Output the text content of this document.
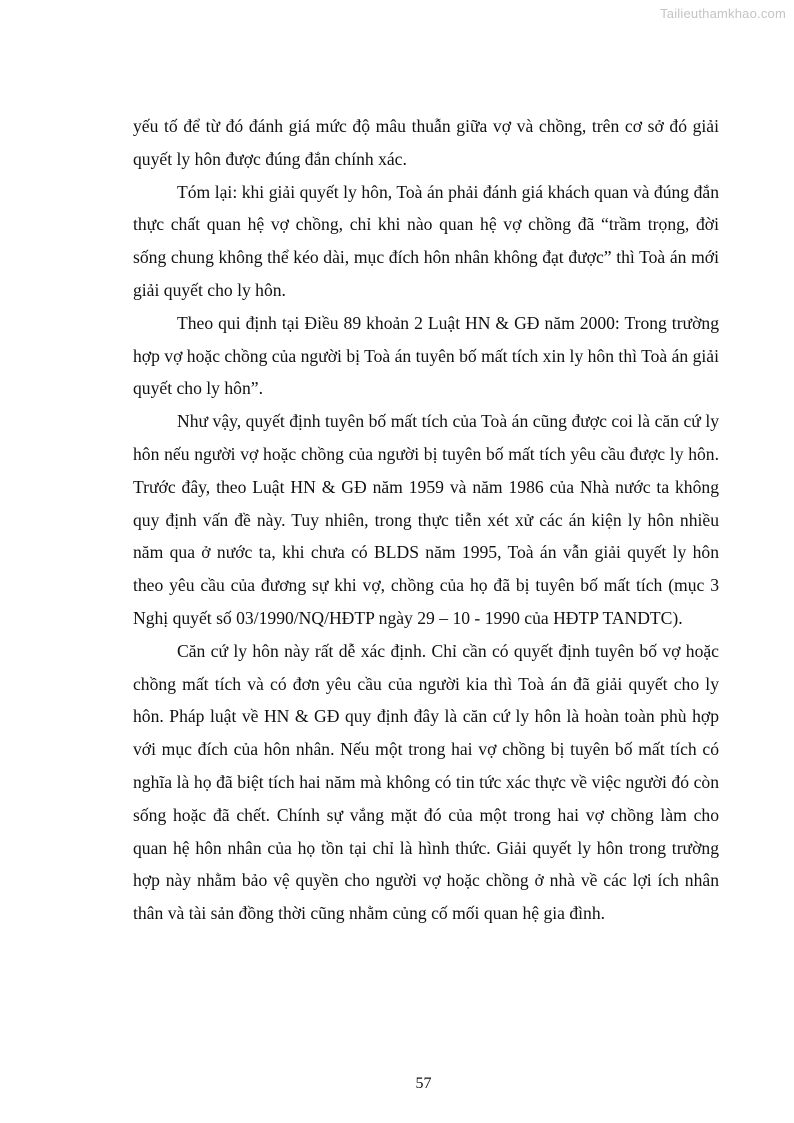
Tailieuthamkhao.com

yếu tố để từ đó đánh giá mức độ mâu thuẫn giữa vợ và chồng, trên cơ sở đó giải quyết ly hôn được đúng đắn chính xác.

Tóm lại: khi giải quyết ly hôn, Toà án phải đánh giá khách quan và đúng đắn thực chất quan hệ vợ chồng, chỉ khi nào quan hệ vợ chồng đã “trầm trọng, đời sống chung không thể kéo dài, mục đích hôn nhân không đạt được” thì Toà án mới giải quyết cho ly hôn.

Theo qui định tại Điều 89 khoản 2 Luật HN & GĐ năm 2000: Trong trường hợp vợ hoặc chồng của người bị Toà án tuyên bố mất tích xin ly hôn thì Toà án giải quyết cho ly hôn”.

Như vậy, quyết định tuyên bố mất tích của Toà án cũng được coi là căn cứ ly hôn nếu người vợ hoặc chồng của người bị tuyên bố mất tích yêu cầu được ly hôn. Trước đây, theo Luật HN & GĐ năm 1959 và năm 1986 của Nhà nước ta không quy định vấn đề này. Tuy nhiên, trong thực tiễn xét xử các án kiện ly hôn nhiều năm qua ở nước ta, khi chưa có BLDS năm 1995, Toà án vẫn giải quyết ly hôn theo yêu cầu của đương sự khi vợ, chồng của họ đã bị tuyên bố mất tích (mục 3 Nghị quyết số 03/1990/NQ/HĐTP ngày 29 – 10 - 1990 của HĐTP TANDTC).

Căn cứ ly hôn này rất dễ xác định. Chỉ cần có quyết định tuyên bố vợ hoặc chồng mất tích và có đơn yêu cầu của người kia thì Toà án đã giải quyết cho ly hôn. Pháp luật về HN & GĐ quy định đây là căn cứ ly hôn là hoàn toàn phù hợp với mục đích của hôn nhân. Nếu một trong hai vợ chồng bị tuyên bố mất tích có nghĩa là họ đã biệt tích hai năm mà không có tin tức xác thực về việc người đó còn sống hoặc đã chết. Chính sự vắng mặt đó của một trong hai vợ chồng làm cho quan hệ hôn nhân của họ tồn tại chỉ là hình thức. Giải quyết ly hôn trong trường hợp này nhằm bảo vệ quyền cho người vợ hoặc chồng ở nhà về các lợi ích nhân thân và tài sản đồng thời cũng nhằm củng cố mối quan hệ gia đình.

57
